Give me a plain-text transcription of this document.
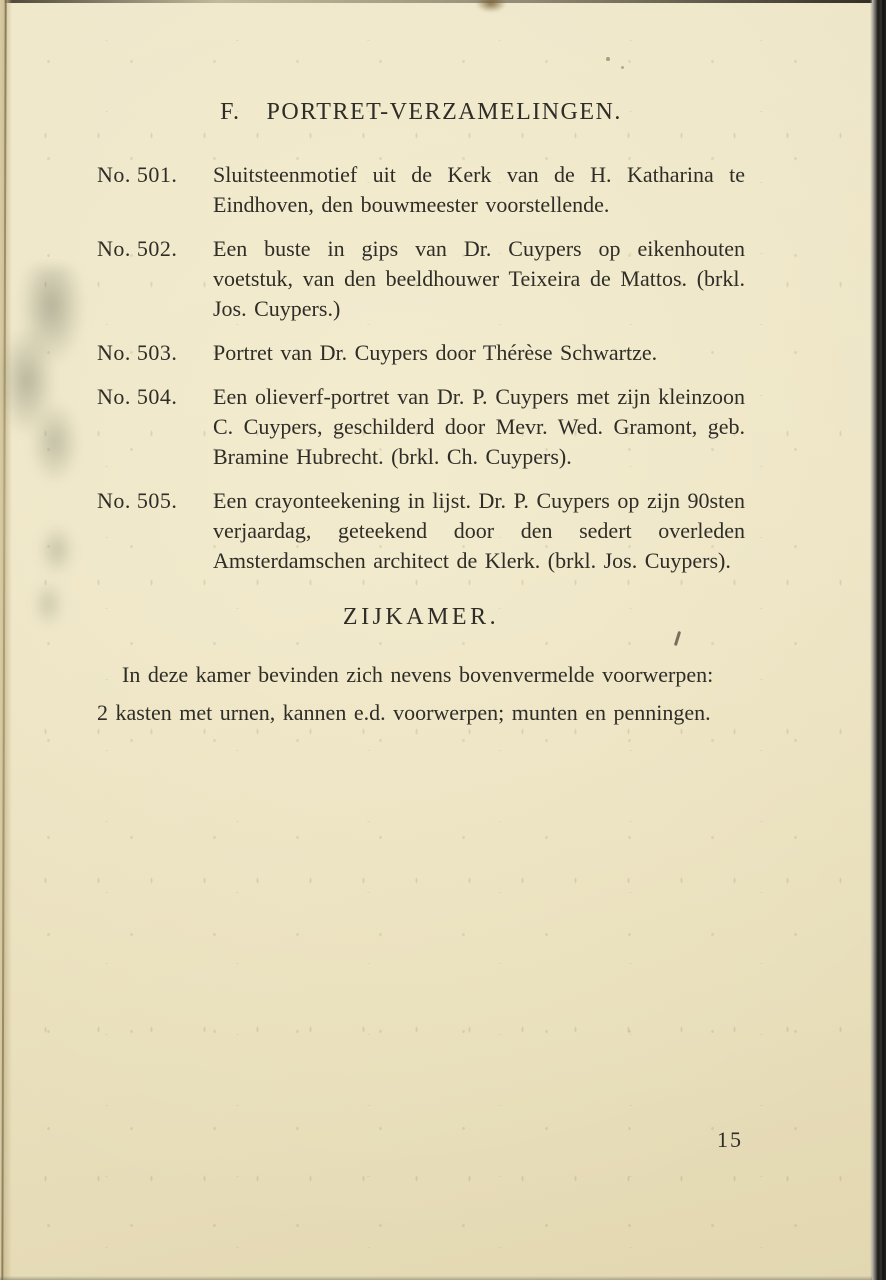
F. PORTRET-VERZAMELINGEN.
No. 501.	Sluitsteenmotief uit de Kerk van de H. Katharina te Eindhoven, den bouwmeester voorstellende.
No. 502.	Een buste in gips van Dr. Cuypers op eikenhouten voetstuk, van den beeldhouwer Teixeira de Mattos. (brkl. Jos. Cuypers.)
No. 503.	Portret van Dr. Cuypers door Thérèse Schwartze.
No. 504.	Een olieverf-portret van Dr. P. Cuypers met zijn kleinzoon C. Cuypers, geschilderd door Mevr. Wed. Gramont, geb. Bramine Hubrecht. (brkl. Ch. Cuypers).
No. 505.	Een crayonteekening in lijst. Dr. P. Cuypers op zijn 90sten verjaardag, geteekend door den sedert overleden Amsterdamschen architect de Klerk. (brkl. Jos. Cuypers).
ZIJKAMER.

In deze kamer bevinden zich nevens bovenvermelde voorwerpen:

2 kasten met urnen, kannen e.d. voorwerpen; munten en penningen.

15
